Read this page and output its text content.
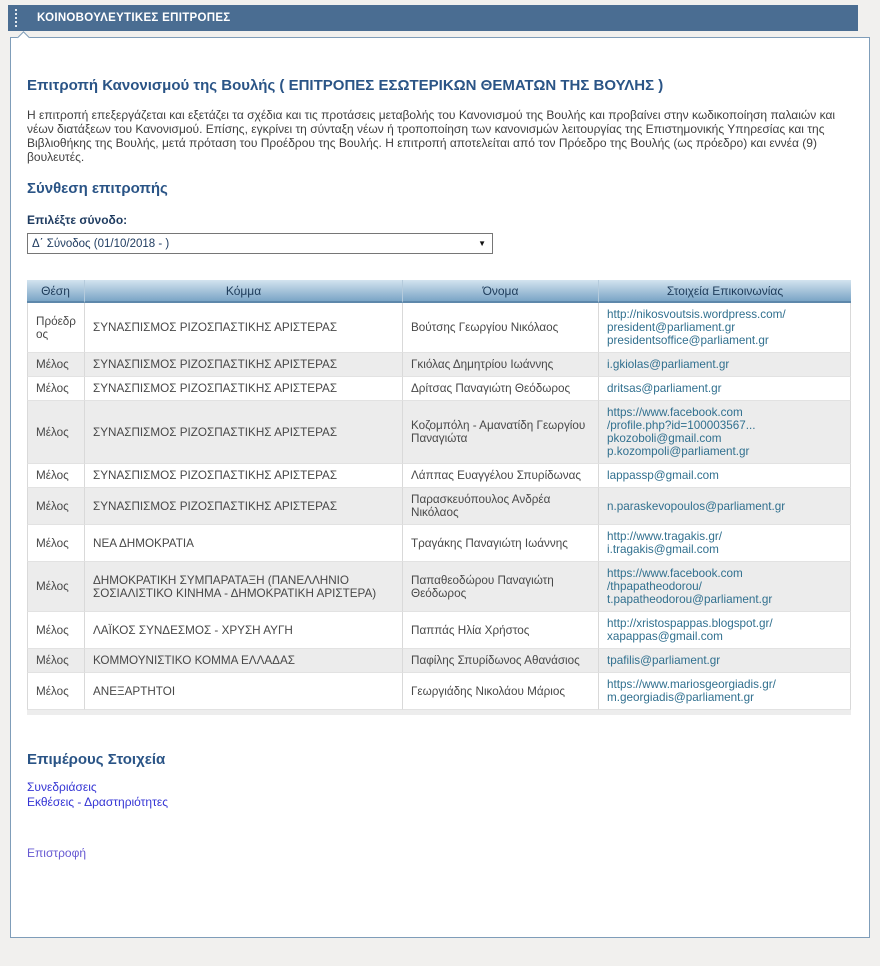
ΚΟΙΝΟΒΟΥΛΕΥΤΙΚΕΣ ΕΠΙΤΡΟΠΕΣ
Επιτροπή Κανονισμού της Βουλής ( ΕΠΙΤΡΟΠΕΣ ΕΣΩΤΕΡΙΚΩΝ ΘΕΜΑΤΩΝ ΤΗΣ ΒΟΥΛΗΣ )

Η επιτροπή επεξεργάζεται και εξετάζει τα σχέδια και τις προτάσεις μεταβολής του Κανονισμού της Βουλής και προβαίνει στην κωδικοποίηση παλαιών και νέων διατάξεων του Κανονισμού. Επίσης, εγκρίνει τη σύνταξη νέων ή τροποποίηση των κανονισμών λειτουργίας της Επιστημονικής Υπηρεσίας και της Βιβλιοθήκης της Βουλής, μετά πρόταση του Προέδρου της Βουλής. Η επιτροπή αποτελείται από τον Πρόεδρο της Βουλής (ως πρόεδρο) και εννέα (9) βουλευτές.

Σύνθεση επιτροπής
Επιλέξτε σύνοδο:
Δ΄ Σύνοδος (01/10/2018 - )	▼
Θέση	Κόμμα	Όνομα	Στοιχεία Επικοινωνίας
Πρόεδρος	ΣΥΝΑΣΠΙΣΜΟΣ ΡΙΖΟΣΠΑΣΤΙΚΗΣ ΑΡΙΣΤΕΡΑΣ	Βούτσης Γεωργίου Νικόλαος	http://nikosvoutsis.wordpress.com/
president@parliament.gr
presidentsoffice@parliament.gr

Μέλος	ΣΥΝΑΣΠΙΣΜΟΣ ΡΙΖΟΣΠΑΣΤΙΚΗΣ ΑΡΙΣΤΕΡΑΣ	Γκιόλας Δημητρίου Ιωάννης	i.gkiolas@parliament.gr

Μέλος	ΣΥΝΑΣΠΙΣΜΟΣ ΡΙΖΟΣΠΑΣΤΙΚΗΣ ΑΡΙΣΤΕΡΑΣ	Δρίτσας Παναγιώτη Θεόδωρος	dritsas@parliament.gr

Μέλος	ΣΥΝΑΣΠΙΣΜΟΣ ΡΙΖΟΣΠΑΣΤΙΚΗΣ ΑΡΙΣΤΕΡΑΣ	Κοζομπόλη - Αμανατίδη Γεωργίου Παναγιώτα	https://www.facebook.com
/profile.php?id=100003567...
pkozoboli@gmail.com
p.kozompoli@parliament.gr

Μέλος	ΣΥΝΑΣΠΙΣΜΟΣ ΡΙΖΟΣΠΑΣΤΙΚΗΣ ΑΡΙΣΤΕΡΑΣ	Λάππας Ευαγγέλου Σπυρίδωνας	lappassp@gmail.com

Μέλος	ΣΥΝΑΣΠΙΣΜΟΣ ΡΙΖΟΣΠΑΣΤΙΚΗΣ ΑΡΙΣΤΕΡΑΣ	Παρασκευόπουλος Ανδρέα Νικόλαος	n.paraskevopoulos@parliament.gr

Μέλος	ΝΕΑ ΔΗΜΟΚΡΑΤΙΑ	Τραγάκης Παναγιώτη Ιωάννης	http://www.tragakis.gr/
i.tragakis@gmail.com

Μέλος	ΔΗΜΟΚΡΑΤΙΚΗ ΣΥΜΠΑΡΑΤΑΞΗ (ΠΑΝΕΛΛΗΝΙΟ ΣΟΣΙΑΛΙΣΤΙΚΟ ΚΙΝΗΜΑ - ΔΗΜΟΚΡΑΤΙΚΗ ΑΡΙΣΤΕΡΑ)	Παπαθεοδώρου Παναγιώτη Θεόδωρος	https://www.facebook.com
/thpapatheodorou/
t.papatheodorou@parliament.gr

Μέλος	ΛΑΪΚΟΣ ΣΥΝΔΕΣΜΟΣ - ΧΡΥΣΗ ΑΥΓΗ	Παππάς Ηλία Χρήστος	http://xristospappas.blogspot.gr/
xapappas@gmail.com

Μέλος	ΚΟΜΜΟΥΝΙΣΤΙΚΟ ΚΟΜΜΑ ΕΛΛΑΔΑΣ	Παφίλης Σπυρίδωνος Αθανάσιος	tpafilis@parliament.gr

Μέλος	ΑΝΕΞΑΡΤΗΤΟΙ	Γεωργιάδης Νικολάου Μάριος	https://www.mariosgeorgiadis.gr/
m.georgiadis@parliament.gr
Επιμέρους Στοιχεία
Συνεδριάσεις
Εκθέσεις - Δραστηριότητες
Επιστροφή
